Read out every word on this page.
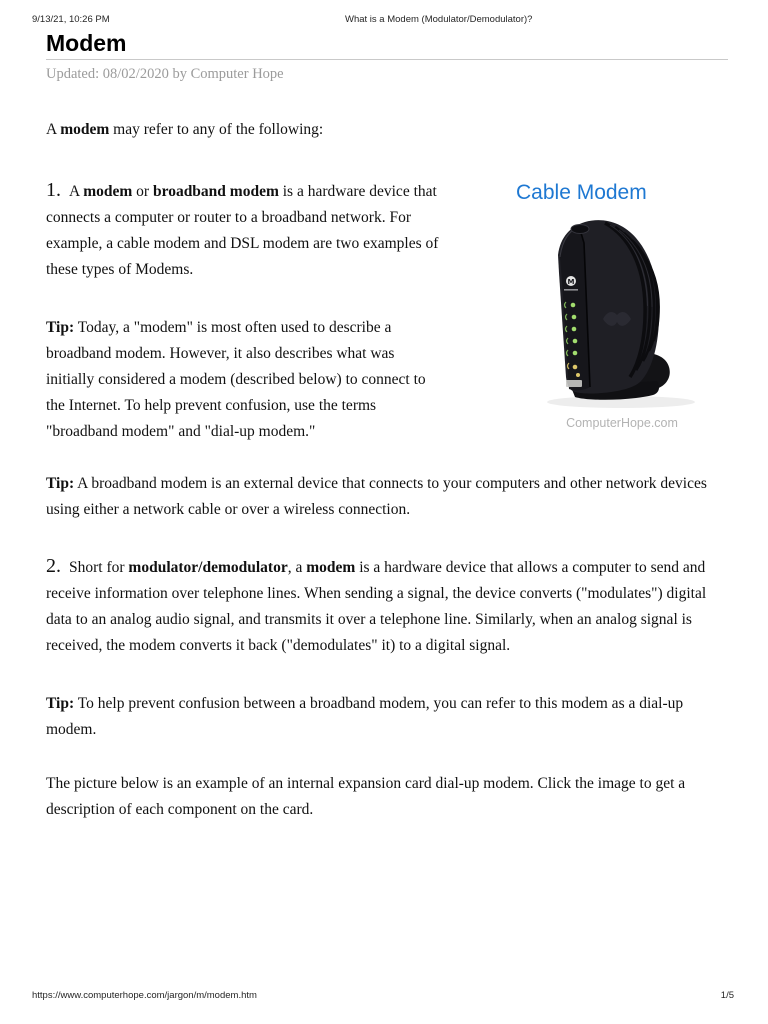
9/13/21, 10:26 PM	What is a Modem (Modulator/Demodulator)?
Modem

Updated: 08/02/2020 by Computer Hope

A modem may refer to any of the following:

1. A modem or broadband modem is a hardware device that connects a computer or router to a broadband network. For example, a cable modem and DSL modem are two examples of these types of Modems.

Tip: Today, a "modem" is most often used to describe a broadband modem. However, it also describes what was initially considered a modem (described below) to connect to the Internet. To help prevent confusion, use the terms "broadband modem" and "dial-up modem."

Cable Modem
M
ComputerHope.com

Tip: A broadband modem is an external device that connects to your computers and other network devices using either a network cable or over a wireless connection.

2. Short for modulator/demodulator, a modem is a hardware device that allows a computer to send and receive information over telephone lines. When sending a signal, the device converts ("modulates") digital data to an analog audio signal, and transmits it over a telephone line. Similarly, when an analog signal is received, the modem converts it back ("demodulates" it) to a digital signal.

Tip: To help prevent confusion between a broadband modem, you can refer to this modem as a dial-up modem.

The picture below is an example of an internal expansion card dial-up modem. Click the image to get a description of each component on the card.

https://www.computerhope.com/jargon/m/modem.htm	1/5
